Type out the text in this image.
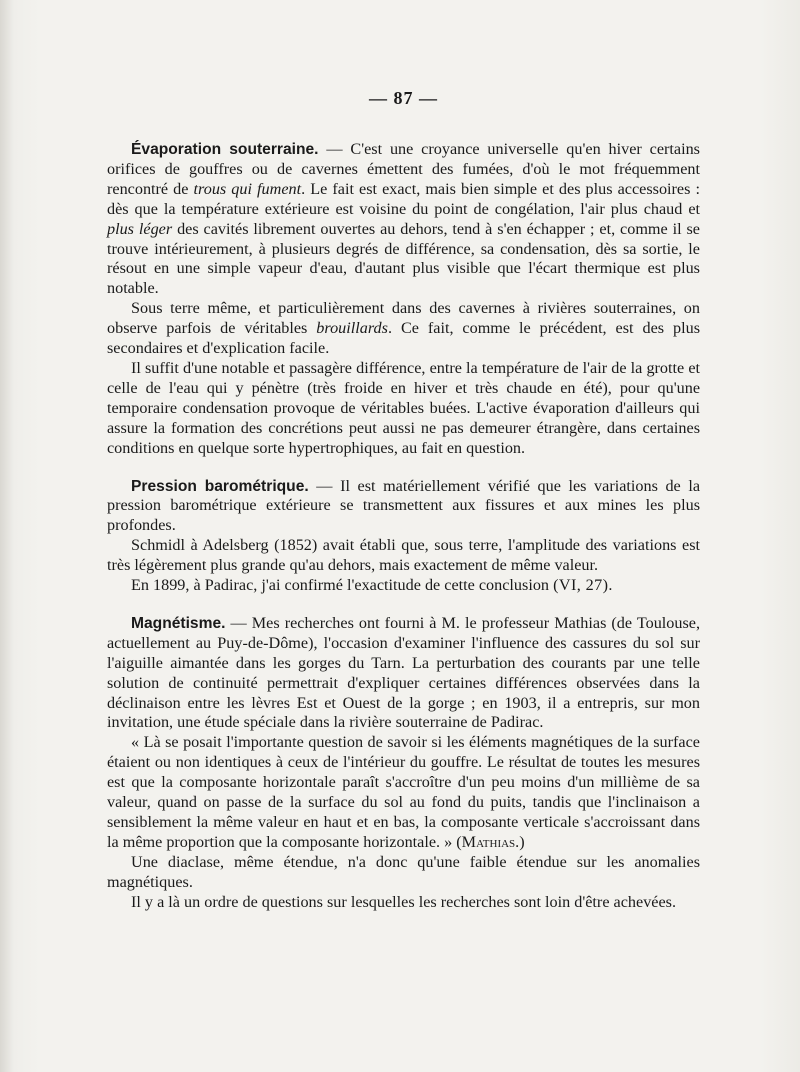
— 87 —

Évaporation souterraine. — C'est une croyance universelle qu'en hiver certains orifices de gouffres ou de cavernes émettent des fumées, d'où le mot fréquemment rencontré de trous qui fument. Le fait est exact, mais bien simple et des plus accessoires : dès que la température extérieure est voisine du point de congélation, l'air plus chaud et plus léger des cavités librement ouvertes au dehors, tend à s'en échapper ; et, comme il se trouve intérieurement, à plusieurs degrés de différence, sa condensation, dès sa sortie, le résout en une simple vapeur d'eau, d'autant plus visible que l'écart thermique est plus notable.

Sous terre même, et particulièrement dans des cavernes à rivières souterraines, on observe parfois de véritables brouillards. Ce fait, comme le précédent, est des plus secondaires et d'explication facile.

Il suffit d'une notable et passagère différence, entre la température de l'air de la grotte et celle de l'eau qui y pénètre (très froide en hiver et très chaude en été), pour qu'une temporaire condensation provoque de véritables buées. L'active évaporation d'ailleurs qui assure la formation des concrétions peut aussi ne pas demeurer étrangère, dans certaines conditions en quelque sorte hypertrophiques, au fait en question.

Pression barométrique. — Il est matériellement vérifié que les variations de la pression barométrique extérieure se transmettent aux fissures et aux mines les plus profondes.

Schmidl à Adelsberg (1852) avait établi que, sous terre, l'amplitude des variations est très légèrement plus grande qu'au dehors, mais exactement de même valeur.

En 1899, à Padirac, j'ai confirmé l'exactitude de cette conclusion (VI, 27).

Magnétisme. — Mes recherches ont fourni à M. le professeur Mathias (de Toulouse, actuellement au Puy-de-Dôme), l'occasion d'examiner l'influence des cassures du sol sur l'aiguille aimantée dans les gorges du Tarn. La perturbation des courants par une telle solution de continuité permettrait d'expliquer certaines différences observées dans la déclinaison entre les lèvres Est et Ouest de la gorge ; en 1903, il a entrepris, sur mon invitation, une étude spéciale dans la rivière souterraine de Padirac.

« Là se posait l'importante question de savoir si les éléments magnétiques de la surface étaient ou non identiques à ceux de l'intérieur du gouffre. Le résultat de toutes les mesures est que la composante horizontale paraît s'accroître d'un peu moins d'un millième de sa valeur, quand on passe de la surface du sol au fond du puits, tandis que l'inclinaison a sensiblement la même valeur en haut et en bas, la composante verticale s'accroissant dans la même proportion que la composante horizontale. » (Mathias.)

Une diaclase, même étendue, n'a donc qu'une faible étendue sur les anomalies magnétiques.

Il y a là un ordre de questions sur lesquelles les recherches sont loin d'être achevées.
